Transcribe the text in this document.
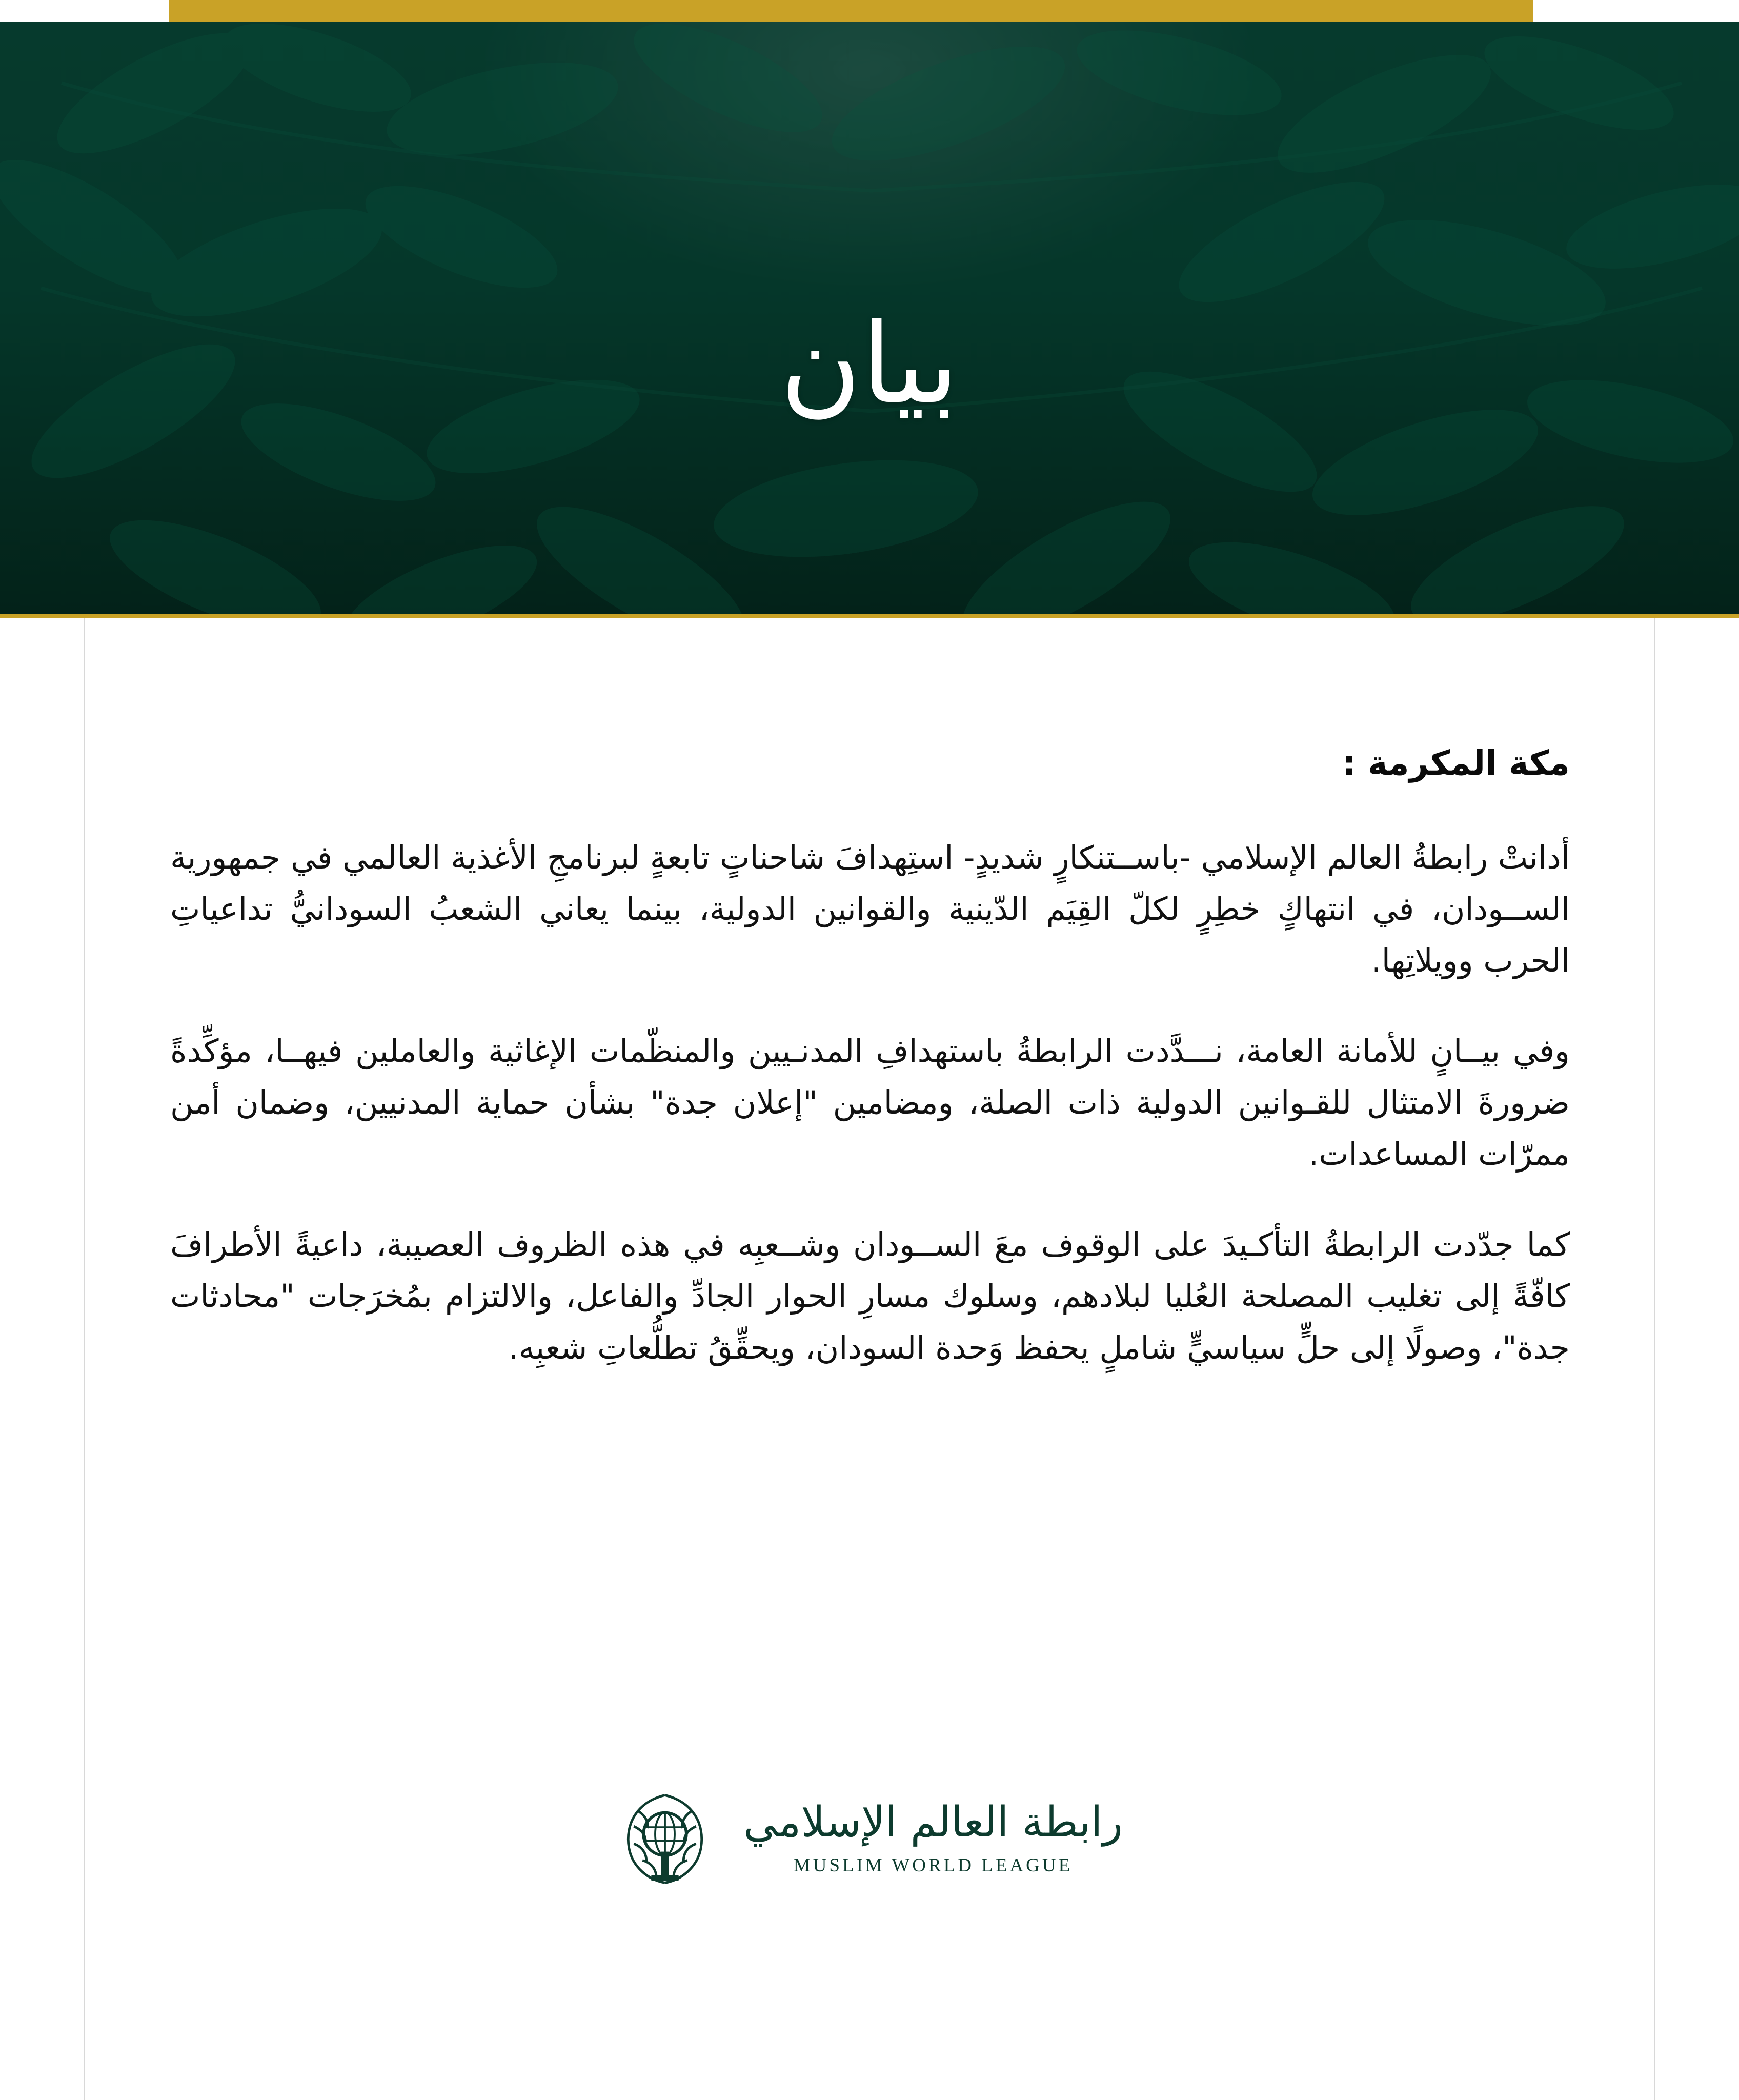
بيان
مكة المكرمة :

أدانتْ رابطةُ العالم الإسلامي -باســتنكارٍ شديدٍ- استِهدافَ شاحناتٍ تابعةٍ لبرنامجِ الأغذية العالمي في جمهورية الســودان، في انتهاكٍ خطِرٍ لكلّ القِيَم الدّينية والقوانين الدولية، بينما يعاني الشعبُ السودانيُّ تداعياتِ الحرب وويلاتِها.

وفي بيــانٍ للأمانة العامة، نـــدَّدت الرابطةُ باستهدافِ المدنـيين والمنظّمات الإغاثية والعاملين فيهــا، مؤكِّدةً ضرورةَ الامتثال للقـوانين الدولية ذات الصلة، ومضامين "إعلان جدة" بشأن حماية المدنيين، وضمان أمن ممرّات المساعدات.

كما جدّدت الرابطةُ التأكـيدَ على الوقوف معَ الســودان وشــعبِه في هذه الظروف العصيبة، داعيةً الأطرافَ كافّةً إلى تغليب المصلحة العُليا لبلادهم، وسلوك مسارِ الحوار الجادِّ والفاعل، والالتزام بمُخرَجات "محادثات جدة"، وصولًا إلى حلٍّ سياسيٍّ شاملٍ يحفظ وَحدة السودان، ويحقِّقُ تطلُّعاتِ شعبِه.

رابطة العالم الإسلامي
MUSLIM WORLD LEAGUE
